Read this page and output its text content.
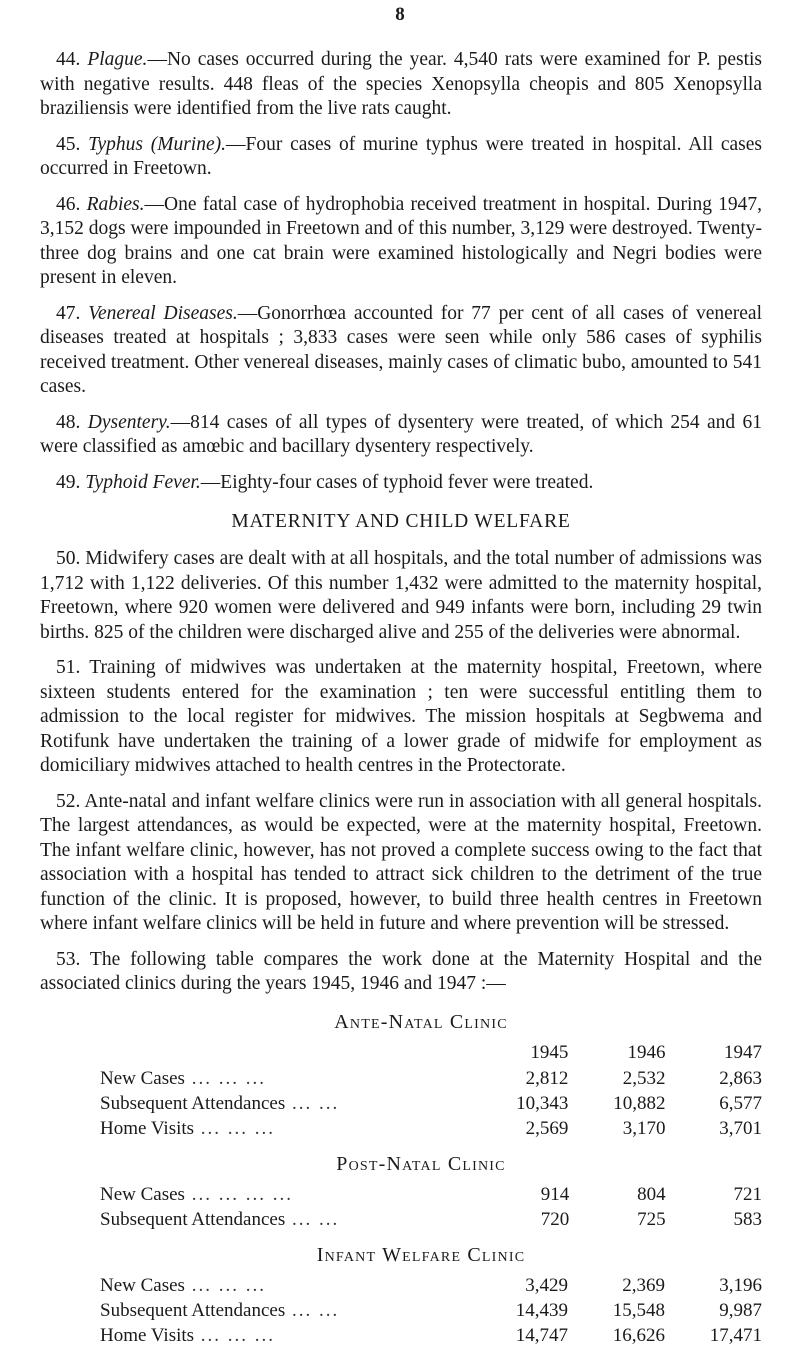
8

44. Plague.—No cases occurred during the year. 4,540 rats were examined for P. pestis with negative results. 448 fleas of the species Xenopsylla cheopis and 805 Xenopsylla braziliensis were identified from the live rats caught.

45. Typhus (Murine).—Four cases of murine typhus were treated in hospital. All cases occurred in Freetown.

46. Rabies.—One fatal case of hydrophobia received treatment in hospital. During 1947, 3,152 dogs were impounded in Freetown and of this number, 3,129 were destroyed. Twenty-three dog brains and one cat brain were examined histologically and Negri bodies were present in eleven.

47. Venereal Diseases.—Gonorrhœa accounted for 77 per cent of all cases of venereal diseases treated at hospitals ; 3,833 cases were seen while only 586 cases of syphilis received treatment. Other venereal diseases, mainly cases of climatic bubo, amounted to 541 cases.

48. Dysentery.—814 cases of all types of dysentery were treated, of which 254 and 61 were classified as amœbic and bacillary dysentery respectively.

49. Typhoid Fever.—Eighty-four cases of typhoid fever were treated.

MATERNITY AND CHILD WELFARE

50. Midwifery cases are dealt with at all hospitals, and the total number of admissions was 1,712 with 1,122 deliveries. Of this number 1,432 were admitted to the maternity hospital, Freetown, where 920 women were delivered and 949 infants were born, including 29 twin births. 825 of the children were discharged alive and 255 of the deliveries were abnormal.

51. Training of midwives was undertaken at the maternity hospital, Freetown, where sixteen students entered for the examination ; ten were successful entitling them to admission to the local register for midwives. The mission hospitals at Segbwema and Rotifunk have undertaken the training of a lower grade of midwife for employment as domiciliary midwives attached to health centres in the Protectorate.

52. Ante-natal and infant welfare clinics were run in association with all general hospitals. The largest attendances, as would be expected, were at the maternity hospital, Freetown. The infant welfare clinic, however, has not proved a complete success owing to the fact that association with a hospital has tended to attract sick children to the detriment of the true function of the clinic. It is proposed, however, to build three health centres in Freetown where infant welfare clinics will be held in future and where prevention will be stressed.

53. The following table compares the work done at the Maternity Hospital and the associated clinics during the years 1945, 1946 and 1947 :—

Ante-Natal Clinic
	1945	1946	1947
New Cases ... ... ...	2,812	2,532	2,863
Subsequent Attendances ... ...	10,343	10,882	6,577
Home Visits ... ... ...	2,569	3,170	3,701
Post-Natal Clinic
New Cases ... ... ... ...	914	804	721
Subsequent Attendances ... ...	720	725	583
Infant Welfare Clinic
New Cases ... ... ...	3,429	2,369	3,196
Subsequent Attendances ... ...	14,439	15,548	9,987
Home Visits ... ... ...	14,747	16,626	17,471
